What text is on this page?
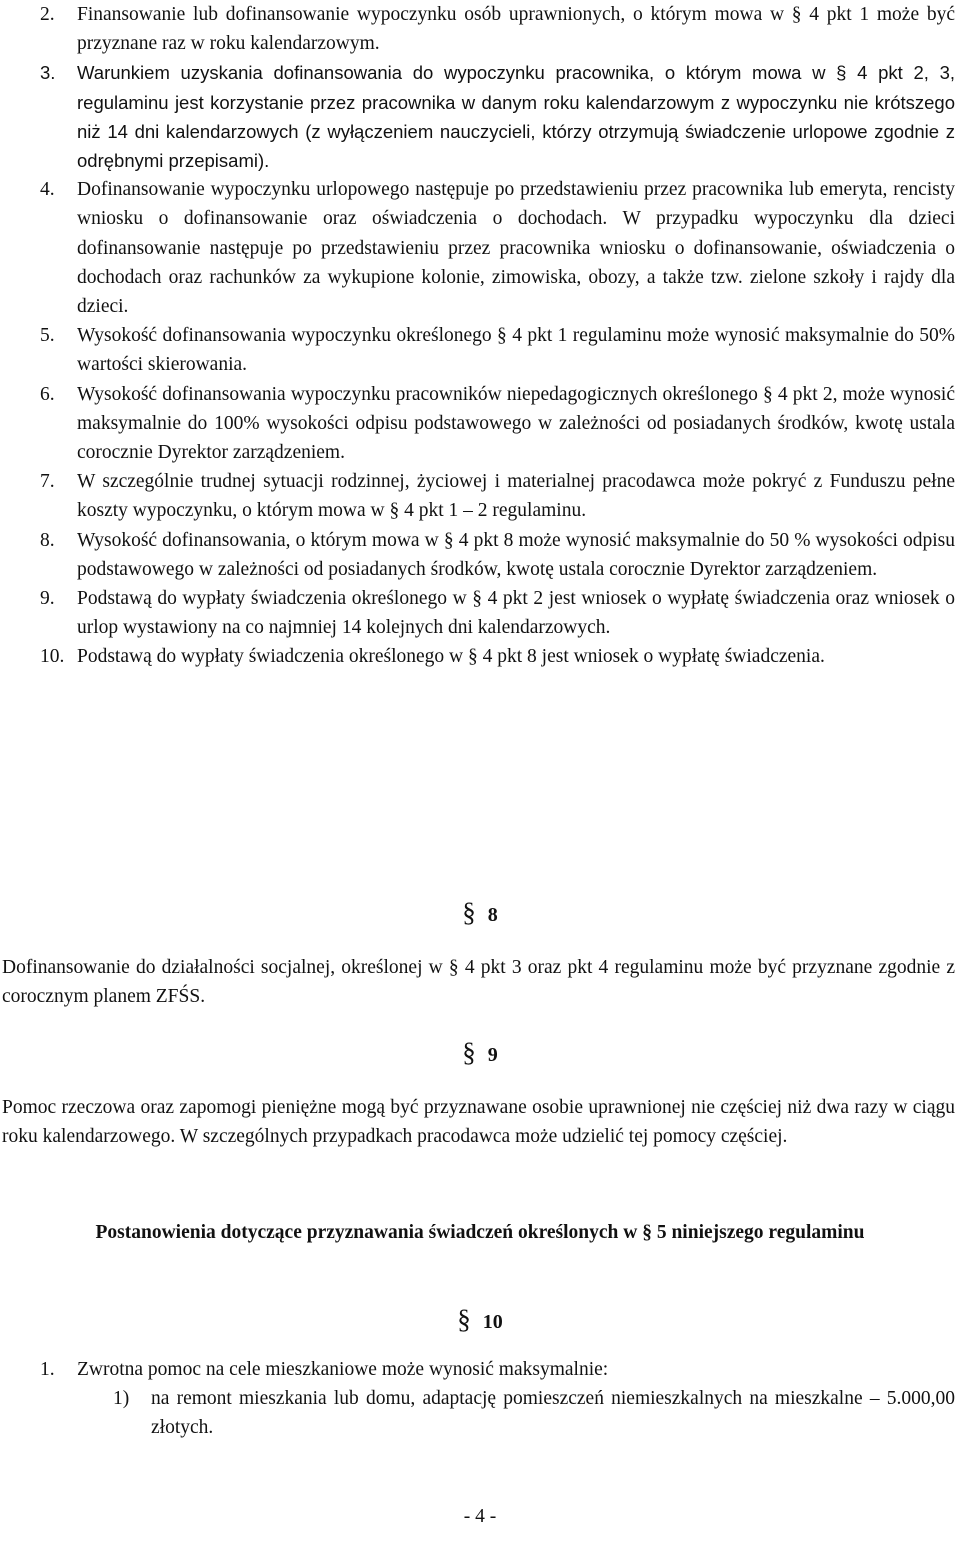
2. Finansowanie lub dofinansowanie wypoczynku osób uprawnionych, o którym mowa w § 4 pkt 1 może być przyznane raz w roku kalendarzowym.
3. Warunkiem uzyskania dofinansowania do wypoczynku pracownika, o którym mowa w § 4 pkt 2, 3, regulaminu jest korzystanie przez pracownika w danym roku kalendarzowym z wypoczynku nie krótszego niż 14 dni kalendarzowych (z wyłączeniem nauczycieli, którzy otrzymują świadczenie urlopowe zgodnie z odrębnymi przepisami).
4. Dofinansowanie wypoczynku urlopowego następuje po przedstawieniu przez pracownika lub emeryta, rencisty wniosku o dofinansowanie oraz oświadczenia o dochodach. W przypadku wypoczynku dla dzieci dofinansowanie następuje po przedstawieniu przez pracownika wniosku o dofinansowanie, oświadczenia o dochodach oraz rachunków za wykupione kolonie, zimowiska, obozy, a także tzw. zielone szkoły i rajdy dla dzieci.
5. Wysokość dofinansowania wypoczynku określonego § 4 pkt 1 regulaminu może wynosić maksymalnie do 50% wartości skierowania.
6. Wysokość dofinansowania wypoczynku pracowników niepedagogicznych określonego § 4 pkt 2, może wynosić maksymalnie do 100% wysokości odpisu podstawowego w zależności od posiadanych środków, kwotę ustala corocznie Dyrektor zarządzeniem.
7. W szczególnie trudnej sytuacji rodzinnej, życiowej i materialnej pracodawca może pokryć z Funduszu pełne koszty wypoczynku, o którym mowa w § 4 pkt 1 – 2 regulaminu.
8. Wysokość dofinansowania, o którym mowa w § 4 pkt 8 może wynosić maksymalnie do 50 % wysokości odpisu podstawowego w zależności od posiadanych środków, kwotę ustala corocznie Dyrektor zarządzeniem.
9. Podstawą do wypłaty świadczenia określonego w § 4 pkt 2 jest wniosek o wypłatę świadczenia oraz wniosek o urlop wystawiony na co najmniej 14 kolejnych dni kalendarzowych.
10. Podstawą do wypłaty świadczenia określonego w § 4 pkt 8 jest wniosek o wypłatę świadczenia.
§ 8
Dofinansowanie do działalności socjalnej, określonej w § 4 pkt 3 oraz pkt 4 regulaminu może być przyznane zgodnie z corocznym planem ZFŚS.
§ 9
Pomoc rzeczowa oraz zapomogi pieniężne mogą być przyznawane osobie uprawnionej nie częściej niż dwa razy w ciągu roku kalendarzowego. W szczególnych przypadkach pracodawca może udzielić tej pomocy częściej.
Postanowienia dotyczące przyznawania świadczeń określonych w § 5 niniejszego regulaminu
§ 10
1. Zwrotna pomoc na cele mieszkaniowe może wynosić maksymalnie:
1) na remont mieszkania lub domu, adaptację pomieszczeń niemieszkalnych na mieszkalne – 5.000,00 złotych.
- 4 -
